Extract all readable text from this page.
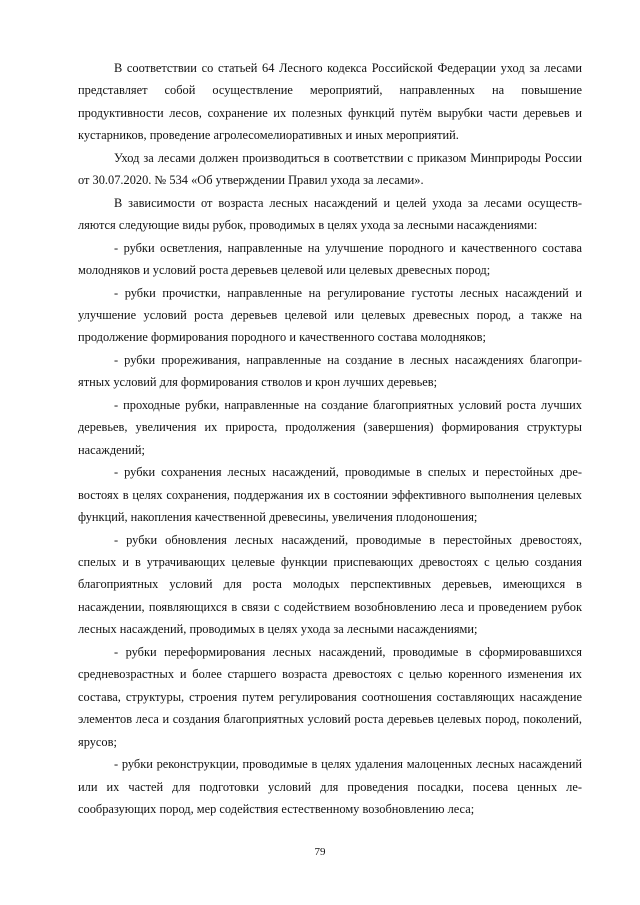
В соответствии со статьей 64 Лесного кодекса Российской Федерации уход за лесами представляет собой осуществление мероприятий, направленных на повышение продуктивности лесов, сохранение их полезных функций путём вырубки части деревьев и кустарников, проведение агролесомелиоративных и иных мероприятий.

Уход за лесами должен производиться в соответствии с приказом Минприроды России от 30.07.2020. № 534 «Об утверждении Правил ухода за лесами».

В зависимости от возраста лесных насаждений и целей ухода за лесами осуществляются следующие виды рубок, проводимых в целях ухода за лесными насаждениями:

- рубки осветления, направленные на улучшение породного и качественного состава молодняков и условий роста деревьев целевой или целевых древесных пород;

- рубки прочистки, направленные на регулирование густоты лесных насаждений и улучшение условий роста деревьев целевой или целевых древесных пород, а также на продолжение формирования породного и качественного состава молодняков;

- рубки прореживания, направленные на создание в лесных насаждениях благоприятных условий для формирования стволов и крон лучших деревьев;

- проходные рубки, направленные на создание благоприятных условий роста лучших деревьев, увеличения их прироста, продолжения (завершения) формирования структуры насаждений;

- рубки сохранения лесных насаждений, проводимые в спелых и перестойных древостоях в целях сохранения, поддержания их в состоянии эффективного выполнения целевых функций, накопления качественной древесины, увеличения плодоношения;

- рубки обновления лесных насаждений, проводимые в перестойных древостоях, спелых и в утрачивающих целевые функции приспевающих древостоях с целью создания благоприятных условий для роста молодых перспективных деревьев, имеющихся в насаждении, появляющихся в связи с содействием возобновлению леса и проведением рубок лесных насаждений, проводимых в целях ухода за лесными насаждениями;

- рубки переформирования лесных насаждений, проводимые в сформировавшихся средневозрастных и более старшего возраста древостоях с целью коренного изменения их состава, структуры, строения путем регулирования соотношения составляющих насаждение элементов леса и создания благоприятных условий роста деревьев целевых пород, поколений, ярусов;

- рубки реконструкции, проводимые в целях удаления малоценных лесных насаждений или их частей для подготовки условий для проведения посадки, посева ценных лесообразующих пород, мер содействия естественному возобновлению леса;

79
